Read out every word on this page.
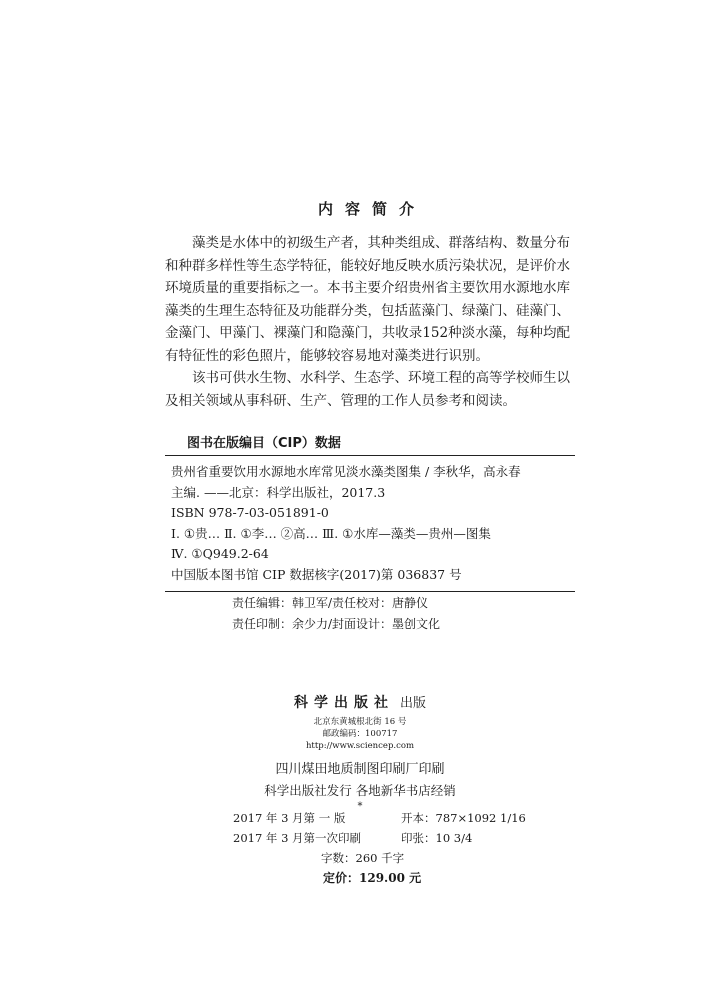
内容简介

藻类是水体中的初级生产者，其种类组成、群落结构、数量分布和种群多样性等生态学特征，能较好地反映水质污染状况，是评价水环境质量的重要指标之一。本书主要介绍贵州省主要饮用水源地水库藻类的生理生态特征及功能群分类，包括蓝藻门、绿藻门、硅藻门、金藻门、甲藻门、裸藻门和隐藻门，共收录152种淡水藻，每种均配有特征性的彩色照片，能够较容易地对藻类进行识别。

该书可供水生物、水科学、生态学、环境工程的高等学校师生以及相关领域从事科研、生产、管理的工作人员参考和阅读。

图书在版编目（CIP）数据
贵州省重要饮用水源地水库常见淡水藻类图集 / 李秋华，高永春
主编. ——北京：科学出版社，2017.3
ISBN 978-7-03-051891-0
Ⅰ. ①贵… Ⅱ. ①李… ②高… Ⅲ. ①水库—藻类—贵州—图集
Ⅳ. ①Q949.2-64
中国版本图书馆 CIP 数据核字(2017)第 036837 号
责任编辑：韩卫军/责任校对：唐静仪
责任印制：余少力/封面设计：墨创文化
科学出版社 出版
北京东黄城根北街 16 号
邮政编码：100717
http://www.sciencep.com
四川煤田地质制图印刷厂印刷
科学出版社发行 各地新华书店经销
*
2017 年 3 月第 一 版	开本：787×1092 1/16
2017 年 3 月第一次印刷	印张：10 3/4
字数：260 千字
定价：129.00 元
